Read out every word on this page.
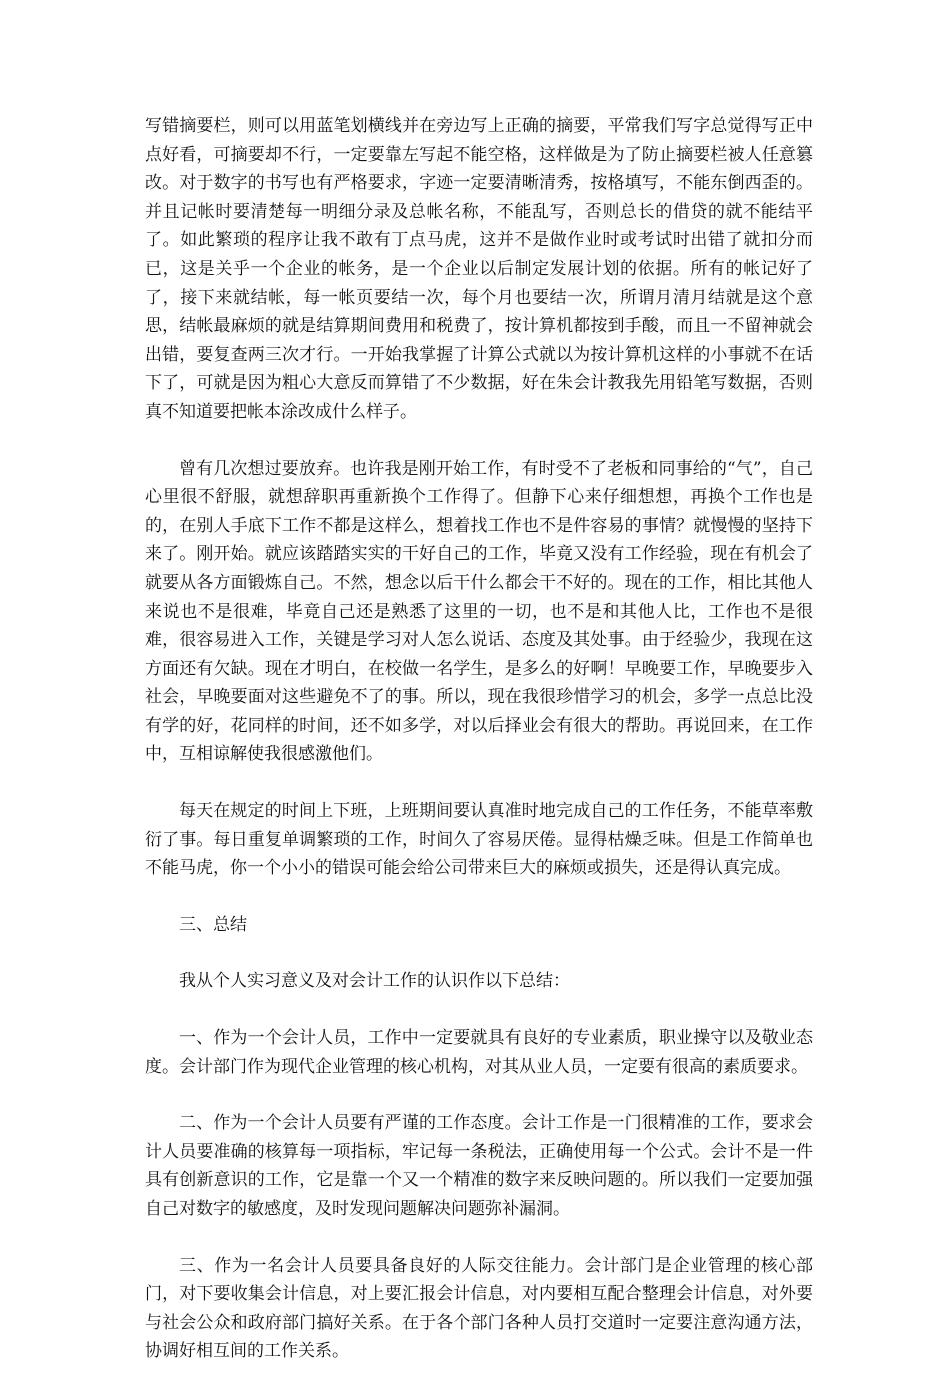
写错摘要栏，则可以用蓝笔划横线并在旁边写上正确的摘要，平常我们写字总觉得写正中点好看，可摘要却不行，一定要靠左写起不能空格，这样做是为了防止摘要栏被人任意篡改。对于数字的书写也有严格要求，字迹一定要清晰清秀，按格填写，不能东倒西歪的。并且记帐时要清楚每一明细分录及总帐名称，不能乱写，否则总长的借贷的就不能结平了。如此繁琐的程序让我不敢有丁点马虎，这并不是做作业时或考试时出错了就扣分而已，这是关乎一个企业的帐务，是一个企业以后制定发展计划的依据。所有的帐记好了了，接下来就结帐，每一帐页要结一次，每个月也要结一次，所谓月清月结就是这个意思，结帐最麻烦的就是结算期间费用和税费了，按计算机都按到手酸，而且一不留神就会出错，要复查两三次才行。一开始我掌握了计算公式就以为按计算机这样的小事就不在话下了，可就是因为粗心大意反而算错了不少数据，好在朱会计教我先用铅笔写数据，否则真不知道要把帐本涂改成什么样子。

曾有几次想过要放弃。也许我是刚开始工作，有时受不了老板和同事给的“气”，自己心里很不舒服，就想辞职再重新换个工作得了。但静下心来仔细想想，再换个工作也是的，在别人手底下工作不都是这样么，想着找工作也不是件容易的事情？就慢慢的坚持下来了。刚开始。就应该踏踏实实的干好自己的工作，毕竟又没有工作经验，现在有机会了就要从各方面锻炼自己。不然，想念以后干什么都会干不好的。现在的工作，相比其他人来说也不是很难，毕竟自己还是熟悉了这里的一切，也不是和其他人比，工作也不是很难，很容易进入工作，关键是学习对人怎么说话、态度及其处事。由于经验少，我现在这方面还有欠缺。现在才明白，在校做一名学生，是多么的好啊！早晚要工作，早晚要步入社会，早晚要面对这些避免不了的事。所以，现在我很珍惜学习的机会，多学一点总比没有学的好，花同样的时间，还不如多学，对以后择业会有很大的帮助。再说回来，在工作中，互相谅解使我很感激他们。

每天在规定的时间上下班，上班期间要认真准时地完成自己的工作任务，不能草率敷衍了事。每日重复单调繁琐的工作，时间久了容易厌倦。显得枯燥乏味。但是工作简单也不能马虎，你一个小小的错误可能会给公司带来巨大的麻烦或损失，还是得认真完成。

三、总结

我从个人实习意义及对会计工作的认识作以下总结：

一、作为一个会计人员，工作中一定要就具有良好的专业素质，职业操守以及敬业态度。会计部门作为现代企业管理的核心机构，对其从业人员，一定要有很高的素质要求。

二、作为一个会计人员要有严谨的工作态度。会计工作是一门很精准的工作，要求会计人员要准确的核算每一项指标，牢记每一条税法，正确使用每一个公式。会计不是一件具有创新意识的工作，它是靠一个又一个精准的数字来反映问题的。所以我们一定要加强自己对数字的敏感度，及时发现问题解决问题弥补漏洞。

三、作为一名会计人员要具备良好的人际交往能力。会计部门是企业管理的核心部门，对下要收集会计信息，对上要汇报会计信息，对内要相互配合整理会计信息，对外要与社会公众和政府部门搞好关系。在于各个部门各种人员打交道时一定要注意沟通方法，协调好相互间的工作关系。
